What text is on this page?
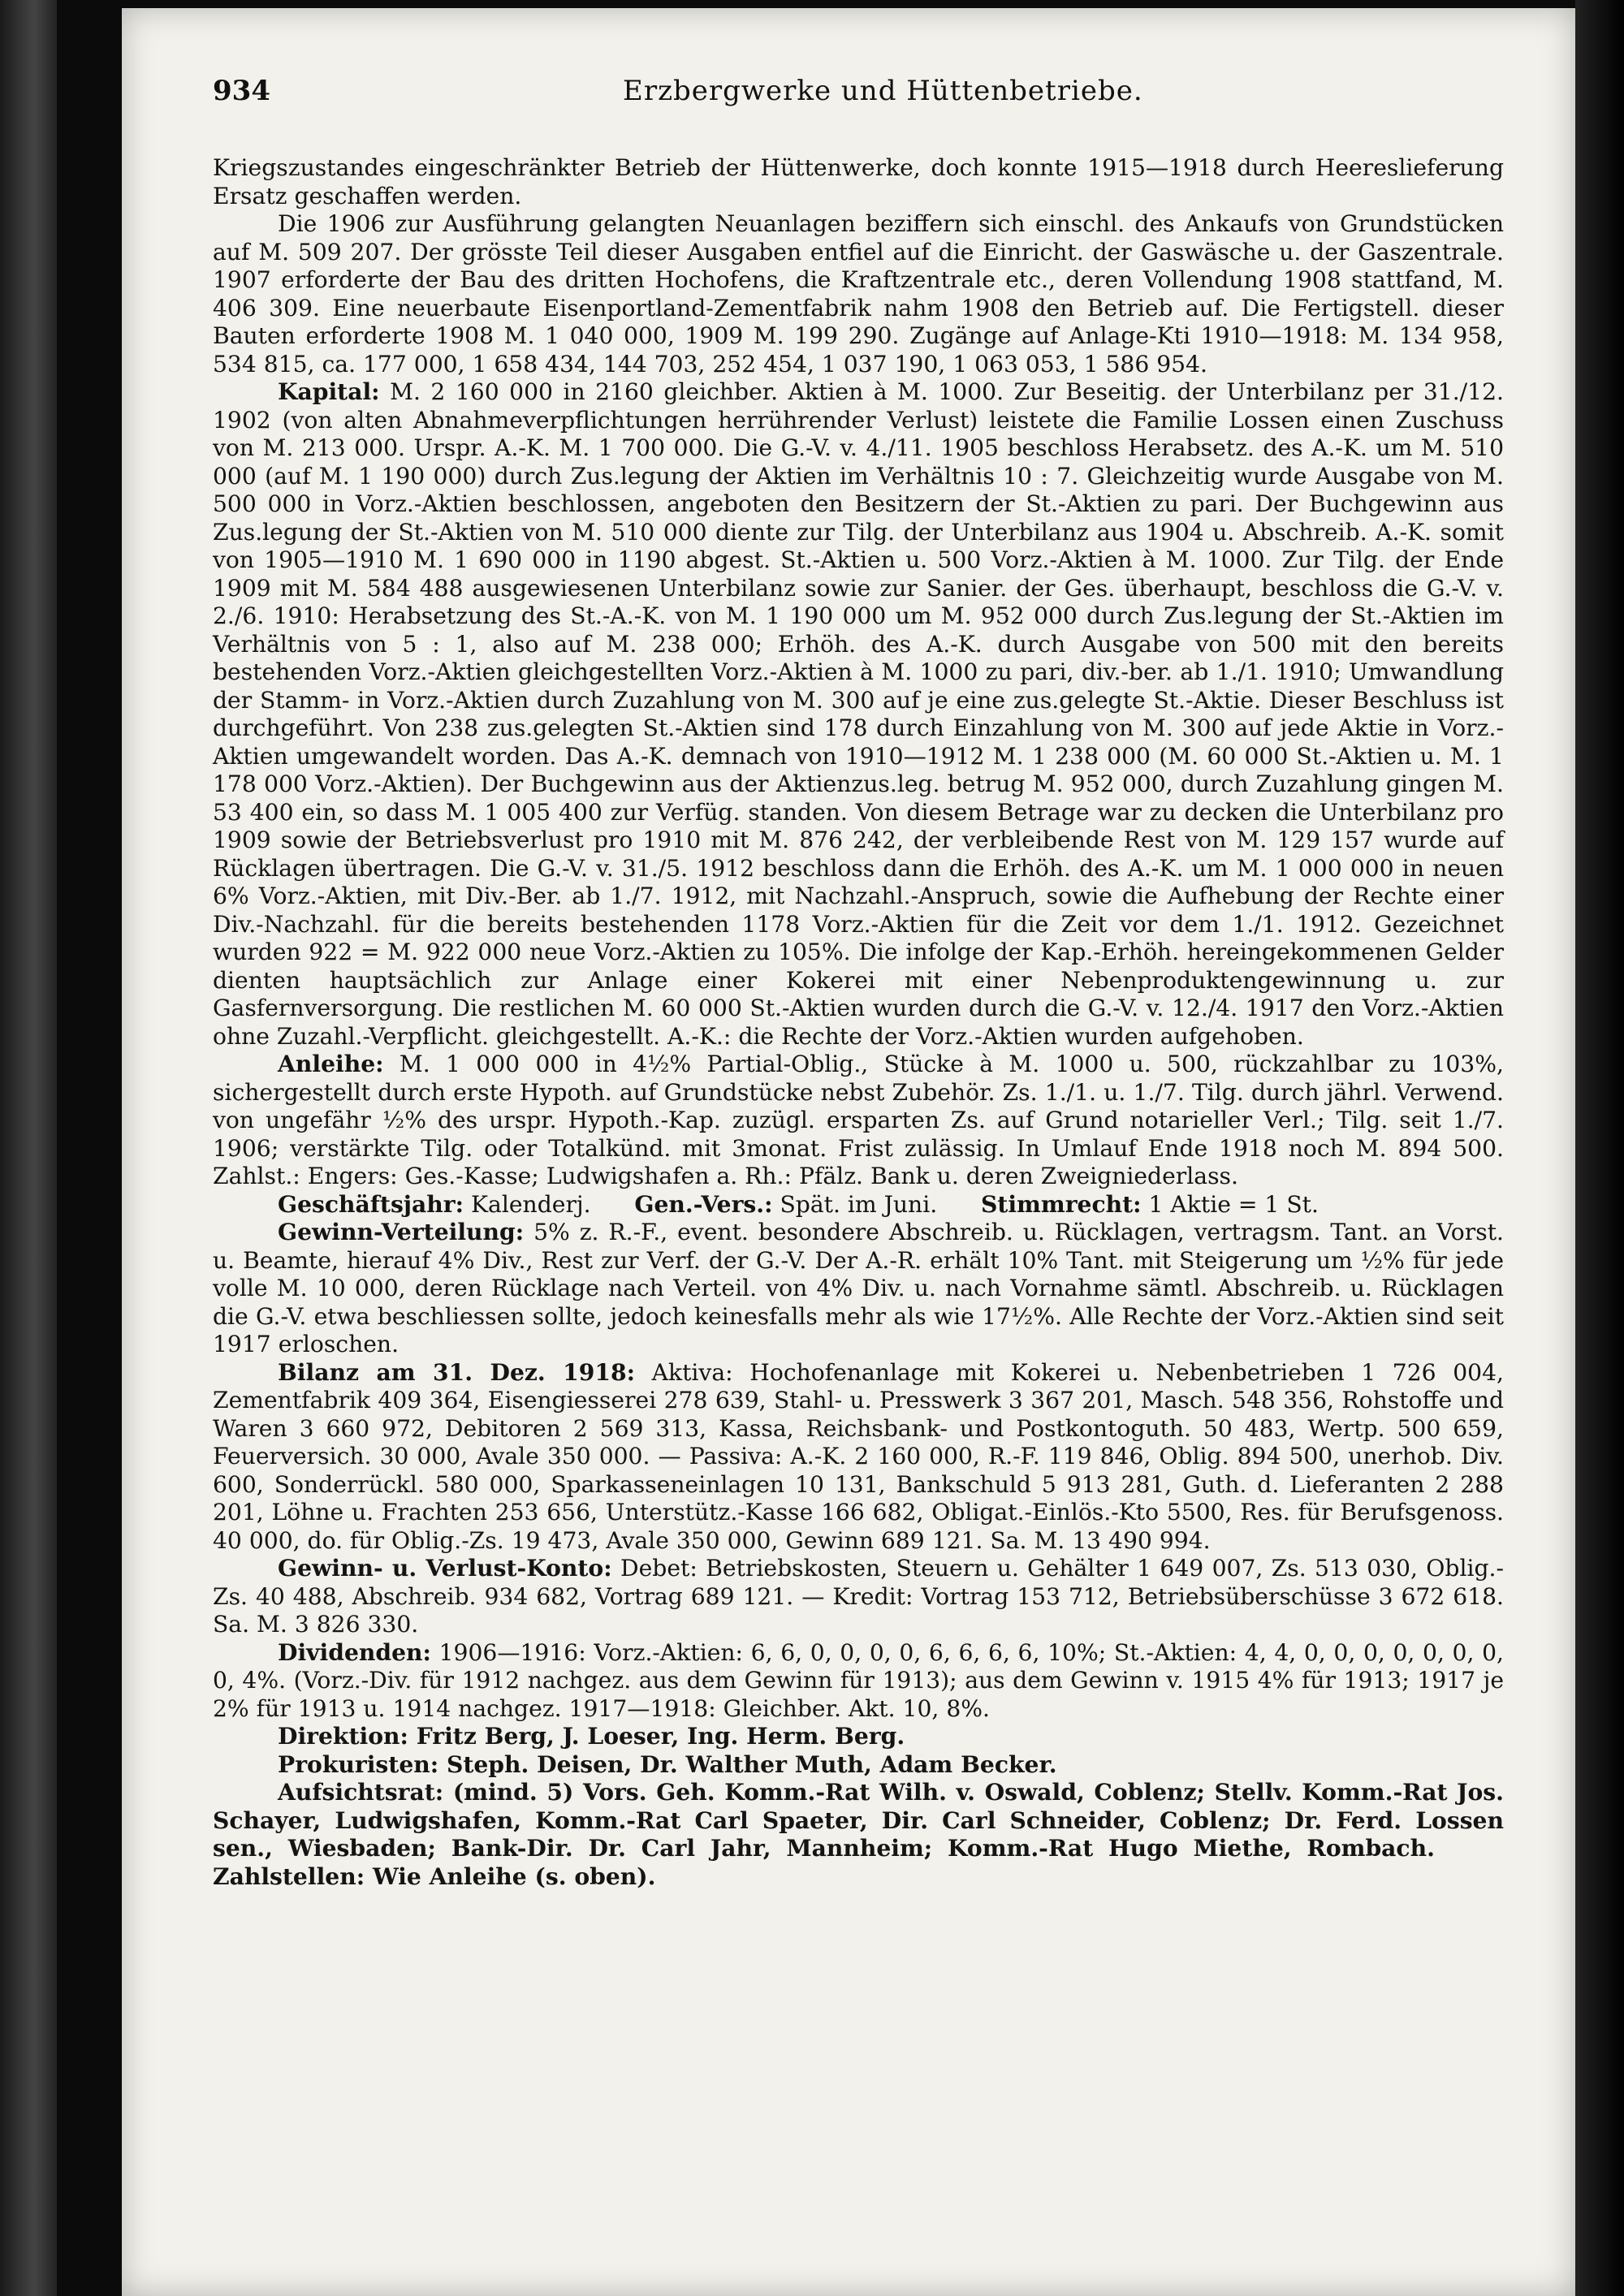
934	Erzbergwerke und Hüttenbetriebe.

Kriegszustandes eingeschränkter Betrieb der Hüttenwerke, doch konnte 1915—1918 durch Heereslieferung Ersatz geschaffen werden.

Die 1906 zur Ausführung gelangten Neuanlagen beziffern sich einschl. des Ankaufs von Grundstücken auf M. 509 207. Der grösste Teil dieser Ausgaben entfiel auf die Einricht. der Gaswäsche u. der Gaszentrale. 1907 erforderte der Bau des dritten Hochofens, die Kraftzentrale etc., deren Vollendung 1908 stattfand, M. 406 309. Eine neuerbaute Eisenportland-Zementfabrik nahm 1908 den Betrieb auf. Die Fertigstell. dieser Bauten erforderte 1908 M. 1 040 000, 1909 M. 199 290. Zugänge auf Anlage-Kti 1910—1918: M. 134 958, 534 815, ca. 177 000, 1 658 434, 144 703, 252 454, 1 037 190, 1 063 053, 1 586 954.

Kapital: M. 2 160 000 in 2160 gleichber. Aktien à M. 1000. Zur Beseitig. der Unterbilanz per 31./12. 1902 (von alten Abnahmeverpflichtungen herrührender Verlust) leistete die Familie Lossen einen Zuschuss von M. 213 000. Urspr. A.-K. M. 1 700 000. Die G.-V. v. 4./11. 1905 beschloss Herabsetz. des A.-K. um M. 510 000 (auf M. 1 190 000) durch Zus.legung der Aktien im Verhältnis 10 : 7. Gleichzeitig wurde Ausgabe von M. 500 000 in Vorz.-Aktien beschlossen, angeboten den Besitzern der St.-Aktien zu pari. Der Buchgewinn aus Zus.legung der St.-Aktien von M. 510 000 diente zur Tilg. der Unterbilanz aus 1904 u. Abschreib. A.-K. somit von 1905—1910 M. 1 690 000 in 1190 abgest. St.-Aktien u. 500 Vorz.-Aktien à M. 1000. Zur Tilg. der Ende 1909 mit M. 584 488 ausgewiesenen Unterbilanz sowie zur Sanier. der Ges. überhaupt, beschloss die G.-V. v. 2./6. 1910: Herabsetzung des St.-A.-K. von M. 1 190 000 um M. 952 000 durch Zus.legung der St.-Aktien im Verhältnis von 5 : 1, also auf M. 238 000; Erhöh. des A.-K. durch Ausgabe von 500 mit den bereits bestehenden Vorz.-Aktien gleichgestellten Vorz.-Aktien à M. 1000 zu pari, div.-ber. ab 1./1. 1910; Umwandlung der Stamm- in Vorz.-Aktien durch Zuzahlung von M. 300 auf je eine zus.gelegte St.-Aktie. Dieser Beschluss ist durchgeführt. Von 238 zus.gelegten St.-Aktien sind 178 durch Einzahlung von M. 300 auf jede Aktie in Vorz.-Aktien umgewandelt worden. Das A.-K. demnach von 1910—1912 M. 1 238 000 (M. 60 000 St.-Aktien u. M. 1 178 000 Vorz.-Aktien). Der Buchgewinn aus der Aktienzus.leg. betrug M. 952 000, durch Zuzahlung gingen M. 53 400 ein, so dass M. 1 005 400 zur Verfüg. standen. Von diesem Betrage war zu decken die Unterbilanz pro 1909 sowie der Betriebsverlust pro 1910 mit M. 876 242, der verbleibende Rest von M. 129 157 wurde auf Rücklagen übertragen. Die G.-V. v. 31./5. 1912 beschloss dann die Erhöh. des A.-K. um M. 1 000 000 in neuen 6% Vorz.-Aktien, mit Div.-Ber. ab 1./7. 1912, mit Nachzahl.-Anspruch, sowie die Aufhebung der Rechte einer Div.-Nachzahl. für die bereits bestehenden 1178 Vorz.-Aktien für die Zeit vor dem 1./1. 1912. Gezeichnet wurden 922 = M. 922 000 neue Vorz.-Aktien zu 105%. Die infolge der Kap.-Erhöh. hereingekommenen Gelder dienten hauptsächlich zur Anlage einer Kokerei mit einer Nebenproduktengewinnung u. zur Gasfernversorgung. Die restlichen M. 60 000 St.-Aktien wurden durch die G.-V. v. 12./4. 1917 den Vorz.-Aktien ohne Zuzahl.-Verpflicht. gleichgestellt. A.-K.: die Rechte der Vorz.-Aktien wurden aufgehoben.

Anleihe: M. 1 000 000 in 4½% Partial-Oblig., Stücke à M. 1000 u. 500, rückzahlbar zu 103%, sichergestellt durch erste Hypoth. auf Grundstücke nebst Zubehör. Zs. 1./1. u. 1./7. Tilg. durch jährl. Verwend. von ungefähr ½% des urspr. Hypoth.-Kap. zuzügl. ersparten Zs. auf Grund notarieller Verl.; Tilg. seit 1./7. 1906; verstärkte Tilg. oder Totalkünd. mit 3monat. Frist zulässig. In Umlauf Ende 1918 noch M. 894 500. Zahlst.: Engers: Ges.-Kasse; Ludwigshafen a. Rh.: Pfälz. Bank u. deren Zweigniederlass.

Geschäftsjahr: Kalenderj. Gen.-Vers.: Spät. im Juni. Stimmrecht: 1 Aktie = 1 St.

Gewinn-Verteilung: 5% z. R.-F., event. besondere Abschreib. u. Rücklagen, vertragsm. Tant. an Vorst. u. Beamte, hierauf 4% Div., Rest zur Verf. der G.-V. Der A.-R. erhält 10% Tant. mit Steigerung um ½% für jede volle M. 10 000, deren Rücklage nach Verteil. von 4% Div. u. nach Vornahme sämtl. Abschreib. u. Rücklagen die G.-V. etwa beschliessen sollte, jedoch keinesfalls mehr als wie 17½%. Alle Rechte der Vorz.-Aktien sind seit 1917 erloschen.

Bilanz am 31. Dez. 1918: Aktiva: Hochofenanlage mit Kokerei u. Nebenbetrieben 1 726 004, Zementfabrik 409 364, Eisengiesserei 278 639, Stahl- u. Presswerk 3 367 201, Masch. 548 356, Rohstoffe und Waren 3 660 972, Debitoren 2 569 313, Kassa, Reichsbank- und Postkontoguth. 50 483, Wertp. 500 659, Feuerversich. 30 000, Avale 350 000. — Passiva: A.-K. 2 160 000, R.-F. 119 846, Oblig. 894 500, unerhob. Div. 600, Sonderrückl. 580 000, Sparkasseneinlagen 10 131, Bankschuld 5 913 281, Guth. d. Lieferanten 2 288 201, Löhne u. Frachten 253 656, Unterstütz.-Kasse 166 682, Obligat.-Einlös.-Kto 5500, Res. für Berufsgenoss. 40 000, do. für Oblig.-Zs. 19 473, Avale 350 000, Gewinn 689 121. Sa. M. 13 490 994.

Gewinn- u. Verlust-Konto: Debet: Betriebskosten, Steuern u. Gehälter 1 649 007, Zs. 513 030, Oblig.-Zs. 40 488, Abschreib. 934 682, Vortrag 689 121. — Kredit: Vortrag 153 712, Betriebsüberschüsse 3 672 618. Sa. M. 3 826 330.

Dividenden: 1906—1916: Vorz.-Aktien: 6, 6, 0, 0, 0, 0, 6, 6, 6, 6, 10%; St.-Aktien: 4, 4, 0, 0, 0, 0, 0, 0, 0, 0, 4%. (Vorz.-Div. für 1912 nachgez. aus dem Gewinn für 1913); aus dem Gewinn v. 1915 4% für 1913; 1917 je 2% für 1913 u. 1914 nachgez. 1917—1918: Gleichber. Akt. 10, 8%.

Direktion: Fritz Berg, J. Loeser, Ing. Herm. Berg.

Prokuristen: Steph. Deisen, Dr. Walther Muth, Adam Becker.

Aufsichtsrat: (mind. 5) Vors. Geh. Komm.-Rat Wilh. v. Oswald, Coblenz; Stellv. Komm.-Rat Jos. Schayer, Ludwigshafen, Komm.-Rat Carl Spaeter, Dir. Carl Schneider, Coblenz; Dr. Ferd. Lossen sen., Wiesbaden; Bank-Dir. Dr. Carl Jahr, Mannheim; Komm.-Rat Hugo Miethe, Rombach.      Zahlstellen: Wie Anleihe (s. oben).
